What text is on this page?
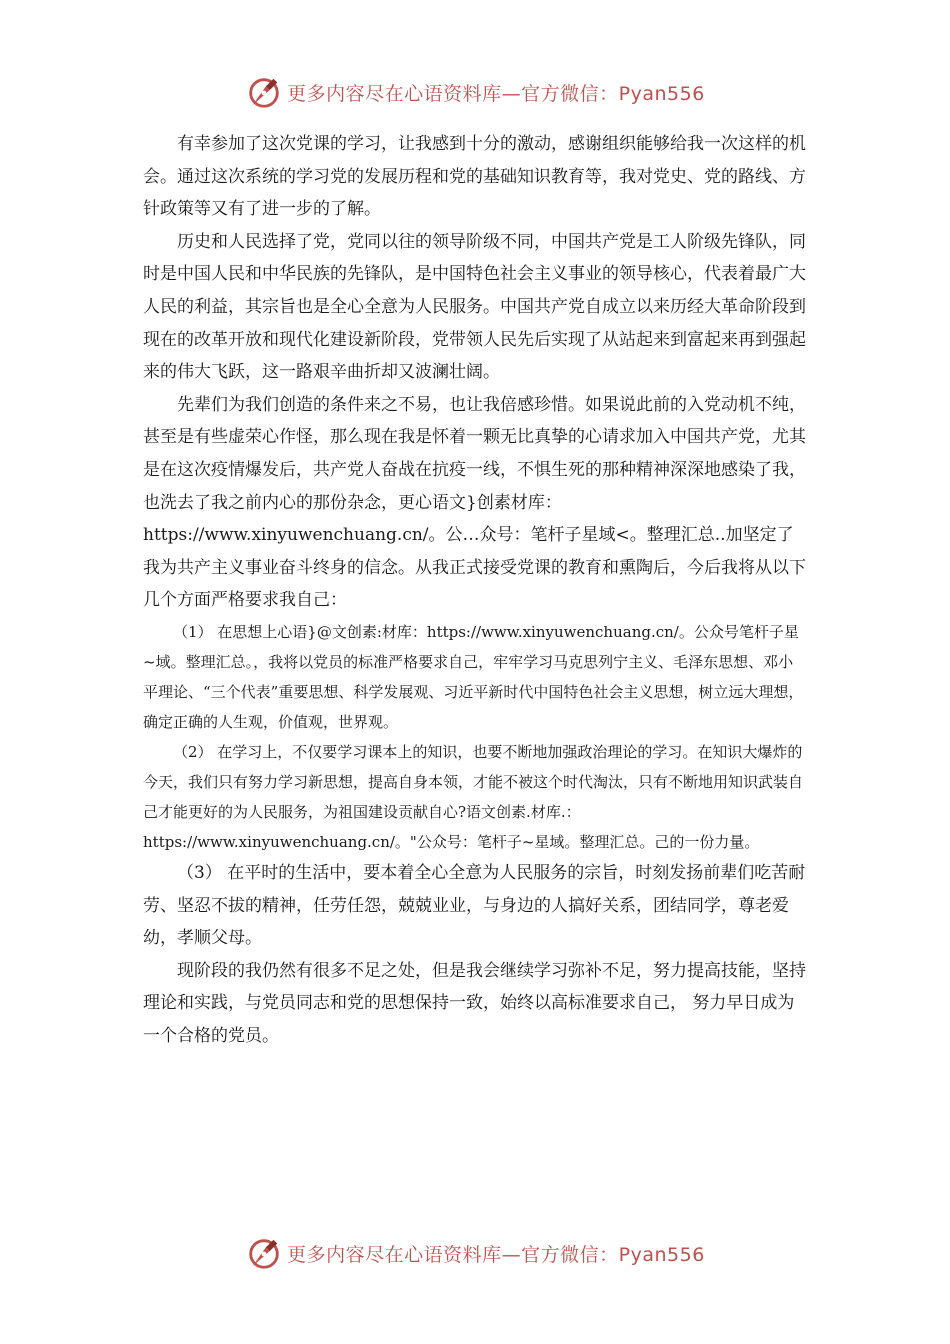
更多内容尽在心语资料库—官方微信：Pyan556

有幸参加了这次党课的学习，让我感到十分的激动，感谢组织能够给我一次这样的机会。通过这次系统的学习党的发展历程和党的基础知识教育等，我对党史、党的路线、方针政策等又有了进一步的了解。

历史和人民选择了党，党同以往的领导阶级不同，中国共产党是工人阶级先锋队，同时是中国人民和中华民族的先锋队，是中国特色社会主义事业的领导核心，代表着最广大人民的利益，其宗旨也是全心全意为人民服务。中国共产党自成立以来历经大革命阶段到现在的改革开放和现代化建设新阶段，党带领人民先后实现了从站起来到富起来再到强起来的伟大飞跃，这一路艰辛曲折却又波澜壮阔。

先辈们为我们创造的条件来之不易，也让我倍感珍惜。如果说此前的入党动机不纯，甚至是有些虚荣心作怪，那么现在我是怀着一颗无比真挚的心请求加入中国共产党，尤其是在这次疫情爆发后，共产党人奋战在抗疫一线，不惧生死的那种精神深深地感染了我，也洗去了我之前内心的那份杂念，更心语文}创素材库：https://www.xinyuwenchuang.cn/。公…众号：笔杆子星域<。整理汇总..加坚定了我为共产主义事业奋斗终身的信念。从我正式接受党课的教育和熏陶后，今后我将从以下几个方面严格要求我自己：

（1） 在思想上心语}@文创素:材库：https://www.xinyuwenchuang.cn/。公众号笔杆子星~域。整理汇总。，我将以党员的标准严格要求自己，牢牢学习马克思列宁主义、毛泽东思想、邓小平理论、“三个代表”重要思想、科学发展观、习近平新时代中国特色社会主义思想，树立远大理想，确定正确的人生观，价值观，世界观。

（2） 在学习上，不仅要学习课本上的知识，也要不断地加强政治理论的学习。在知识大爆炸的今天，我们只有努力学习新思想，提高自身本领，才能不被这个时代淘汰，只有不断地用知识武装自己才能更好的为人民服务，为祖国建设贡献自心?语文创素.材库.：https://www.xinyuwenchuang.cn/。"公众号：笔杆子~星域。整理汇总。己的一份力量。

（3） 在平时的生活中，要本着全心全意为人民服务的宗旨，时刻发扬前辈们吃苦耐劳、坚忍不拔的精神，任劳任怨，兢兢业业，与身边的人搞好关系，团结同学，尊老爱幼，孝顺父母。

现阶段的我仍然有很多不足之处，但是我会继续学习弥补不足，努力提高技能，坚持理论和实践，与党员同志和党的思想保持一致，始终以高标准要求自己， 努力早日成为一个合格的党员。

更多内容尽在心语资料库—官方微信：Pyan556
